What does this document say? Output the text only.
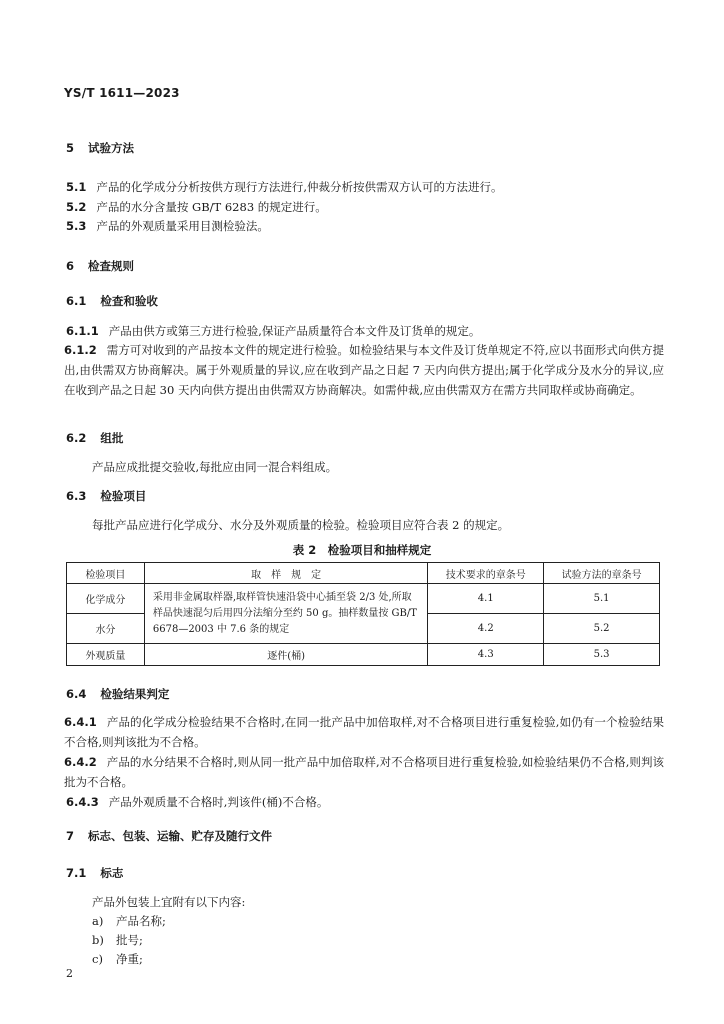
YS/T 1611—2023
5 试验方法
5.1 产品的化学成分分析按供方现行方法进行,仲裁分析按供需双方认可的方法进行。
5.2 产品的水分含量按 GB/T 6283 的规定进行。
5.3 产品的外观质量采用目测检验法。
6 检查规则
6.1 检查和验收
6.1.1 产品由供方或第三方进行检验,保证产品质量符合本文件及订货单的规定。
6.1.2 需方可对收到的产品按本文件的规定进行检验。如检验结果与本文件及订货单规定不符,应以书面形式向供方提出,由供需双方协商解决。属于外观质量的异议,应在收到产品之日起 7 天内向供方提出;属于化学成分及水分的异议,应在收到产品之日起 30 天内向供方提出由供需双方协商解决。如需仲裁,应由供需双方在需方共同取样或协商确定。
6.2 组批
产品应成批提交验收,每批应由同一混合料组成。
6.3 检验项目
每批产品应进行化学成分、水分及外观质量的检验。检验项目应符合表 2 的规定。
表 2　检验项目和抽样规定
检验项目	取　样　规　定	技术要求的章条号	试验方法的章条号
化学成分	采用非金属取样器,取样管快速沿袋中心插至袋 2/3 处,所取样品快速混匀后用四分法缩分至约 50 g。抽样数量按 GB/T 6678—2003 中 7.6 条的规定	4.1	5.1
水分		4.2	5.2
外观质量	逐件(桶)	4.3	5.3
6.4 检验结果判定
6.4.1 产品的化学成分检验结果不合格时,在同一批产品中加倍取样,对不合格项目进行重复检验,如仍有一个检验结果不合格,则判该批为不合格。
6.4.2 产品的水分结果不合格时,则从同一批产品中加倍取样,对不合格项目进行重复检验,如检验结果仍不合格,则判该批为不合格。
6.4.3 产品外观质量不合格时,判该件(桶)不合格。
7 标志、包装、运输、贮存及随行文件
7.1 标志
产品外包装上宜附有以下内容:
a) 产品名称;
b) 批号;
c) 净重;
2
